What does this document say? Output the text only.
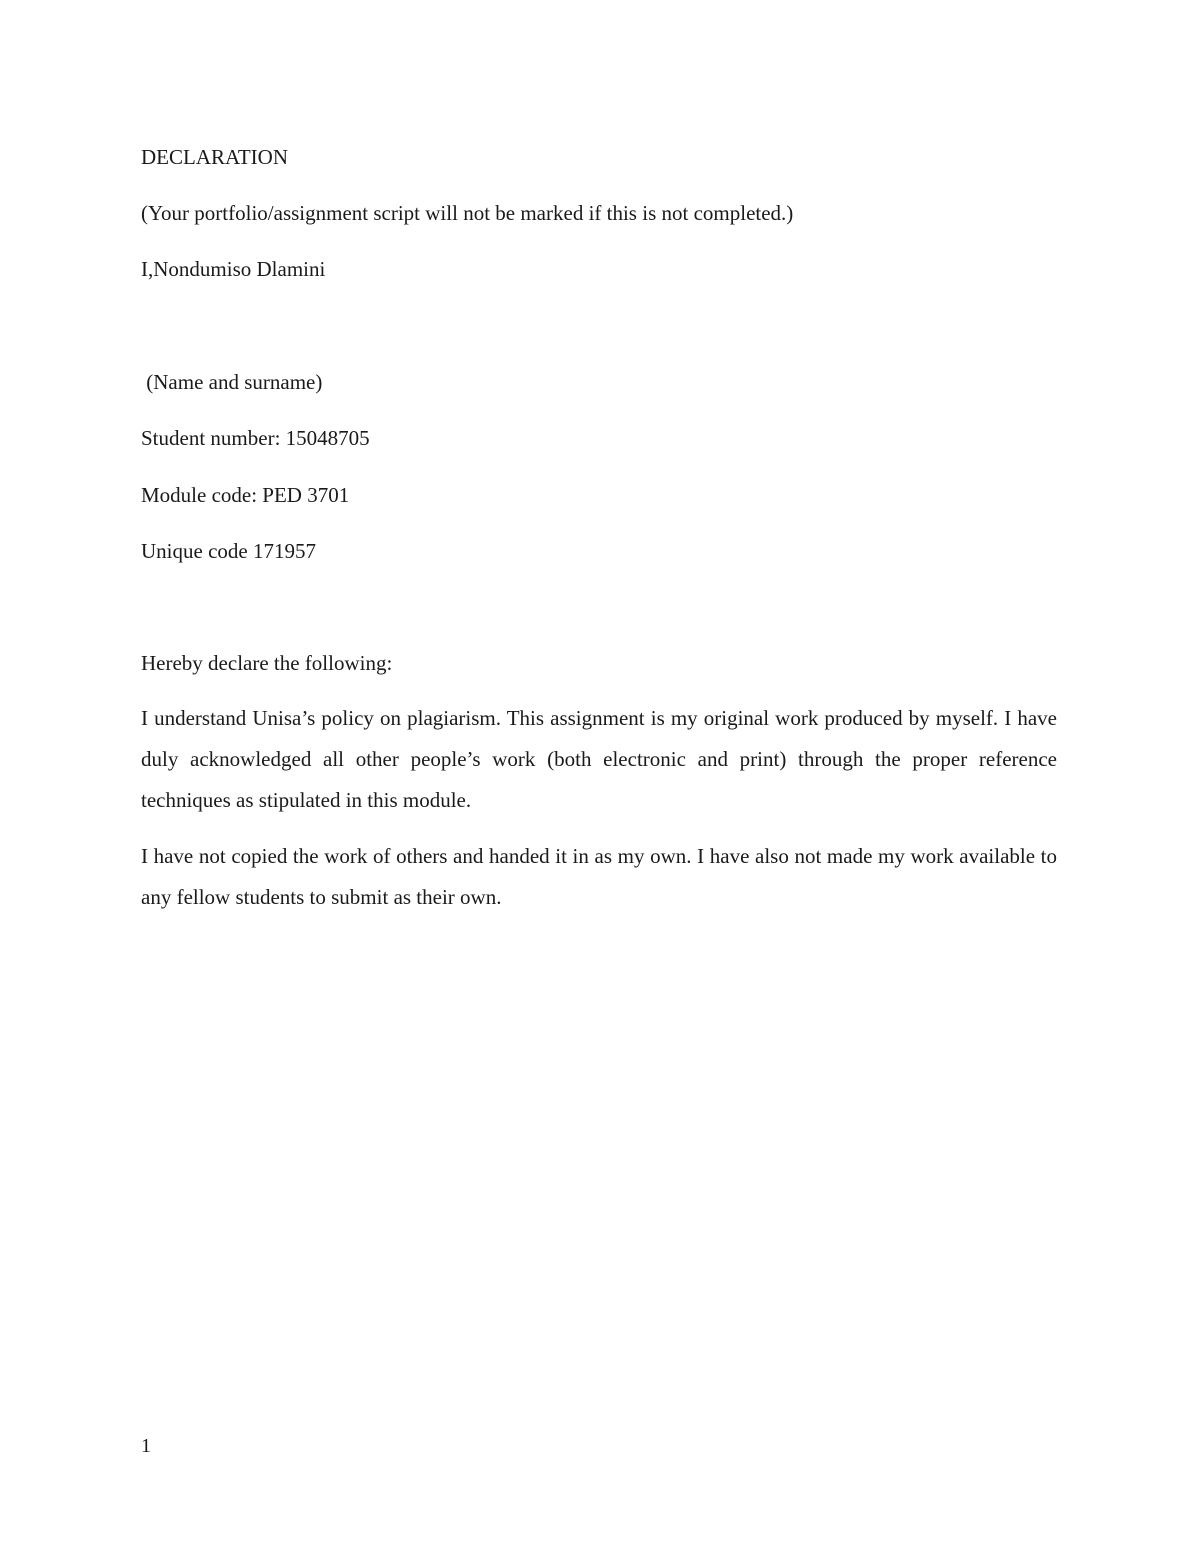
DECLARATION
(Your portfolio/assignment script will not be marked if this is not completed.)
I,Nondumiso Dlamini
(Name and surname)
Student number: 15048705
Module code: PED 3701
Unique code 171957
Hereby declare the following:

I understand Unisa’s policy on plagiarism. This assignment is my original work produced by myself. I have duly acknowledged all other people’s work (both electronic and print) through the proper reference techniques as stipulated in this module.

I have not copied the work of others and handed it in as my own. I have also not made my work available to any fellow students to submit as their own.

1
